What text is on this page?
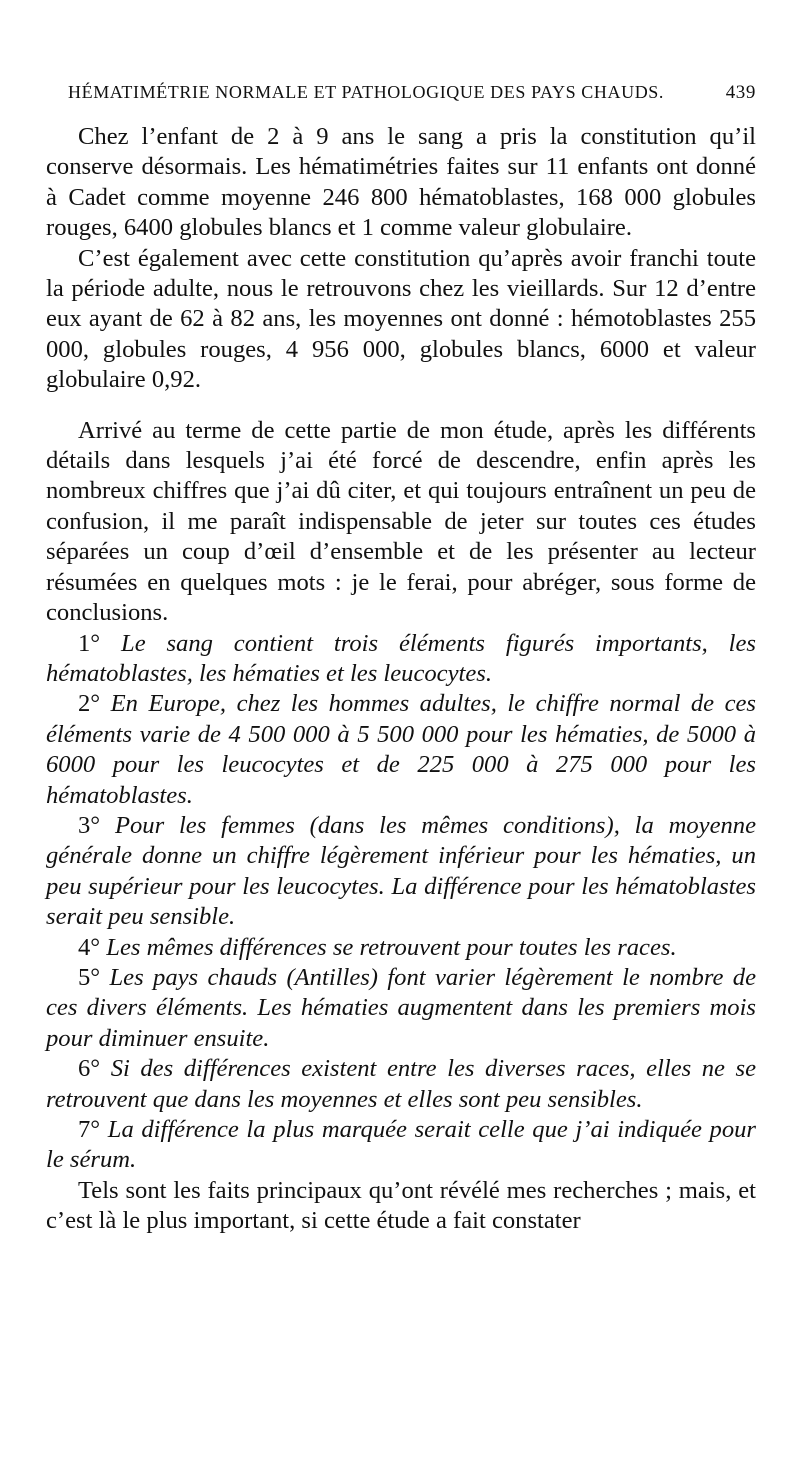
HÉMATIMÉTRIE NORMALE ET PATHOLOGIQUE DES PAYS CHAUDS.	439

Chez l’enfant de 2 à 9 ans le sang a pris la constitution qu’il conserve désormais. Les hématimétries faites sur 11 enfants ont donné à Cadet comme moyenne 246 800 hématoblastes, 168 000 globules rouges, 6400 globules blancs et 1 comme valeur globulaire.

C’est également avec cette constitution qu’après avoir franchi toute la période adulte, nous le retrouvons chez les vieillards. Sur 12 d’entre eux ayant de 62 à 82 ans, les moyennes ont donné : hémotoblastes 255 000, globules rouges, 4 956 000, globules blancs, 6000 et valeur globulaire 0,92.

Arrivé au terme de cette partie de mon étude, après les différents détails dans lesquels j’ai été forcé de descendre, enfin après les nombreux chiffres que j’ai dû citer, et qui toujours entraînent un peu de confusion, il me paraît indispensable de jeter sur toutes ces études séparées un coup d’œil d’ensemble et de les présenter au lecteur résumées en quelques mots : je le ferai, pour abréger, sous forme de conclusions.

1° Le sang contient trois éléments figurés importants, les hématoblastes, les hématies et les leucocytes.

2° En Europe, chez les hommes adultes, le chiffre normal de ces éléments varie de 4 500 000 à 5 500 000 pour les hématies, de 5000 à 6000 pour les leucocytes et de 225 000 à 275 000 pour les hématoblastes.

3° Pour les femmes (dans les mêmes conditions), la moyenne générale donne un chiffre légèrement inférieur pour les hématies, un peu supérieur pour les leucocytes. La différence pour les hématoblastes serait peu sensible.

4° Les mêmes différences se retrouvent pour toutes les races.

5° Les pays chauds (Antilles) font varier légèrement le nombre de ces divers éléments. Les hématies augmentent dans les premiers mois pour diminuer ensuite.

6° Si des différences existent entre les diverses races, elles ne se retrouvent que dans les moyennes et elles sont peu sensibles.

7° La différence la plus marquée serait celle que j’ai indiquée pour le sérum.

Tels sont les faits principaux qu’ont révélé mes recherches ; mais, et c’est là le plus important, si cette étude a fait constater
